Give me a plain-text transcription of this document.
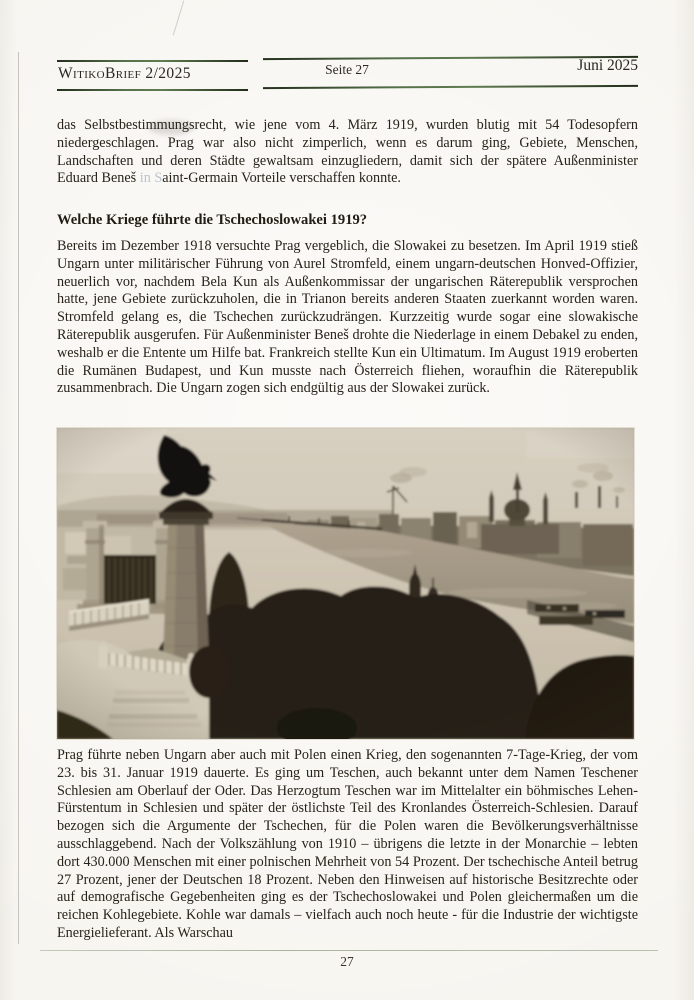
WitikoBrief 2/2025	Seite 27	Juni 2025

das Selbstbestimmungsrecht, wie jene vom 4. März 1919, wurden blutig mit 54 Todesopfern niedergeschlagen. Prag war also nicht zimperlich, wenn es darum ging, Gebiete, Menschen, Landschaften und deren Städte gewaltsam einzugliedern, damit sich der spätere Außenminister Eduard Beneš in Saint-Germain Vorteile verschaffen konnte.

Welche Kriege führte die Tschechoslowakei 1919?

Bereits im Dezember 1918 versuchte Prag vergeblich, die Slowakei zu besetzen. Im April 1919 stieß Ungarn unter militärischer Führung von Aurel Stromfeld, einem ungarn-deutschen Honved-Offizier, neuerlich vor, nachdem Bela Kun als Außenkommissar der ungarischen Räterepublik versprochen hatte, jene Gebiete zurückzuholen, die in Trianon bereits anderen Staaten zuerkannt worden waren. Stromfeld gelang es, die Tschechen zurückzudrängen. Kurzzeitig wurde sogar eine slowakische Räterepublik ausgerufen. Für Außenminister Beneš drohte die Niederlage in einem Debakel zu enden, weshalb er die Entente um Hilfe bat. Frankreich stellte Kun ein Ultimatum. Im August 1919 eroberten die Rumänen Budapest, und Kun musste nach Österreich fliehen, woraufhin die Räterepublik zusammenbrach. Die Ungarn zogen sich endgültig aus der Slowakei zurück.

Prag führte neben Ungarn aber auch mit Polen einen Krieg, den sogenannten 7-Tage-Krieg, der vom 23. bis 31. Januar 1919 dauerte. Es ging um Teschen, auch bekannt unter dem Namen Teschener Schlesien am Oberlauf der Oder. Das Herzogtum Teschen war im Mittelalter ein böhmisches Lehen-Fürstentum in Schlesien und später der östlichste Teil des Kronlandes Österreich-Schlesien. Darauf bezogen sich die Argumente der Tschechen, für die Polen waren die Bevölkerungsverhältnisse ausschlaggebend. Nach der Volkszählung von 1910 – übrigens die letzte in der Monarchie – lebten dort 430.000 Menschen mit einer polnischen Mehrheit von 54 Prozent. Der tschechische Anteil betrug 27 Prozent, jener der Deutschen 18 Prozent. Neben den Hinweisen auf historische Besitzrechte oder auf demografische Gegebenheiten ging es der Tschechoslowakei und Polen gleichermaßen um die reichen Kohlegebiete. Kohle war damals – vielfach auch noch heute - für die Industrie der wichtigste Energielieferant. Als Warschau

27
